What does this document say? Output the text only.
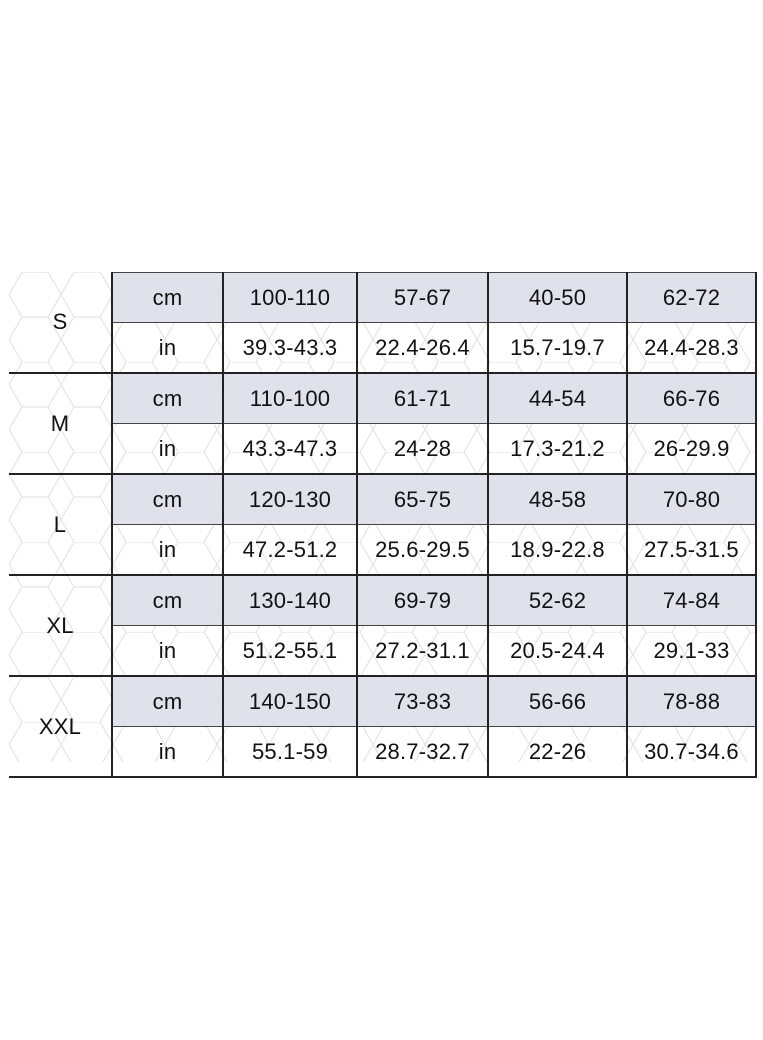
S	cm	100-110	57-67	40-50	62-72
	in	39.3-43.3	22.4-26.4	15.7-19.7	24.4-28.3
M	cm	110-100	61-71	44-54	66-76
	in	43.3-47.3	24-28	17.3-21.2	26-29.9
L	cm	120-130	65-75	48-58	70-80
	in	47.2-51.2	25.6-29.5	18.9-22.8	27.5-31.5
XL	cm	130-140	69-79	52-62	74-84
	in	51.2-55.1	27.2-31.1	20.5-24.4	29.1-33
XXL	cm	140-150	73-83	56-66	78-88
	in	55.1-59	28.7-32.7	22-26	30.7-34.6
